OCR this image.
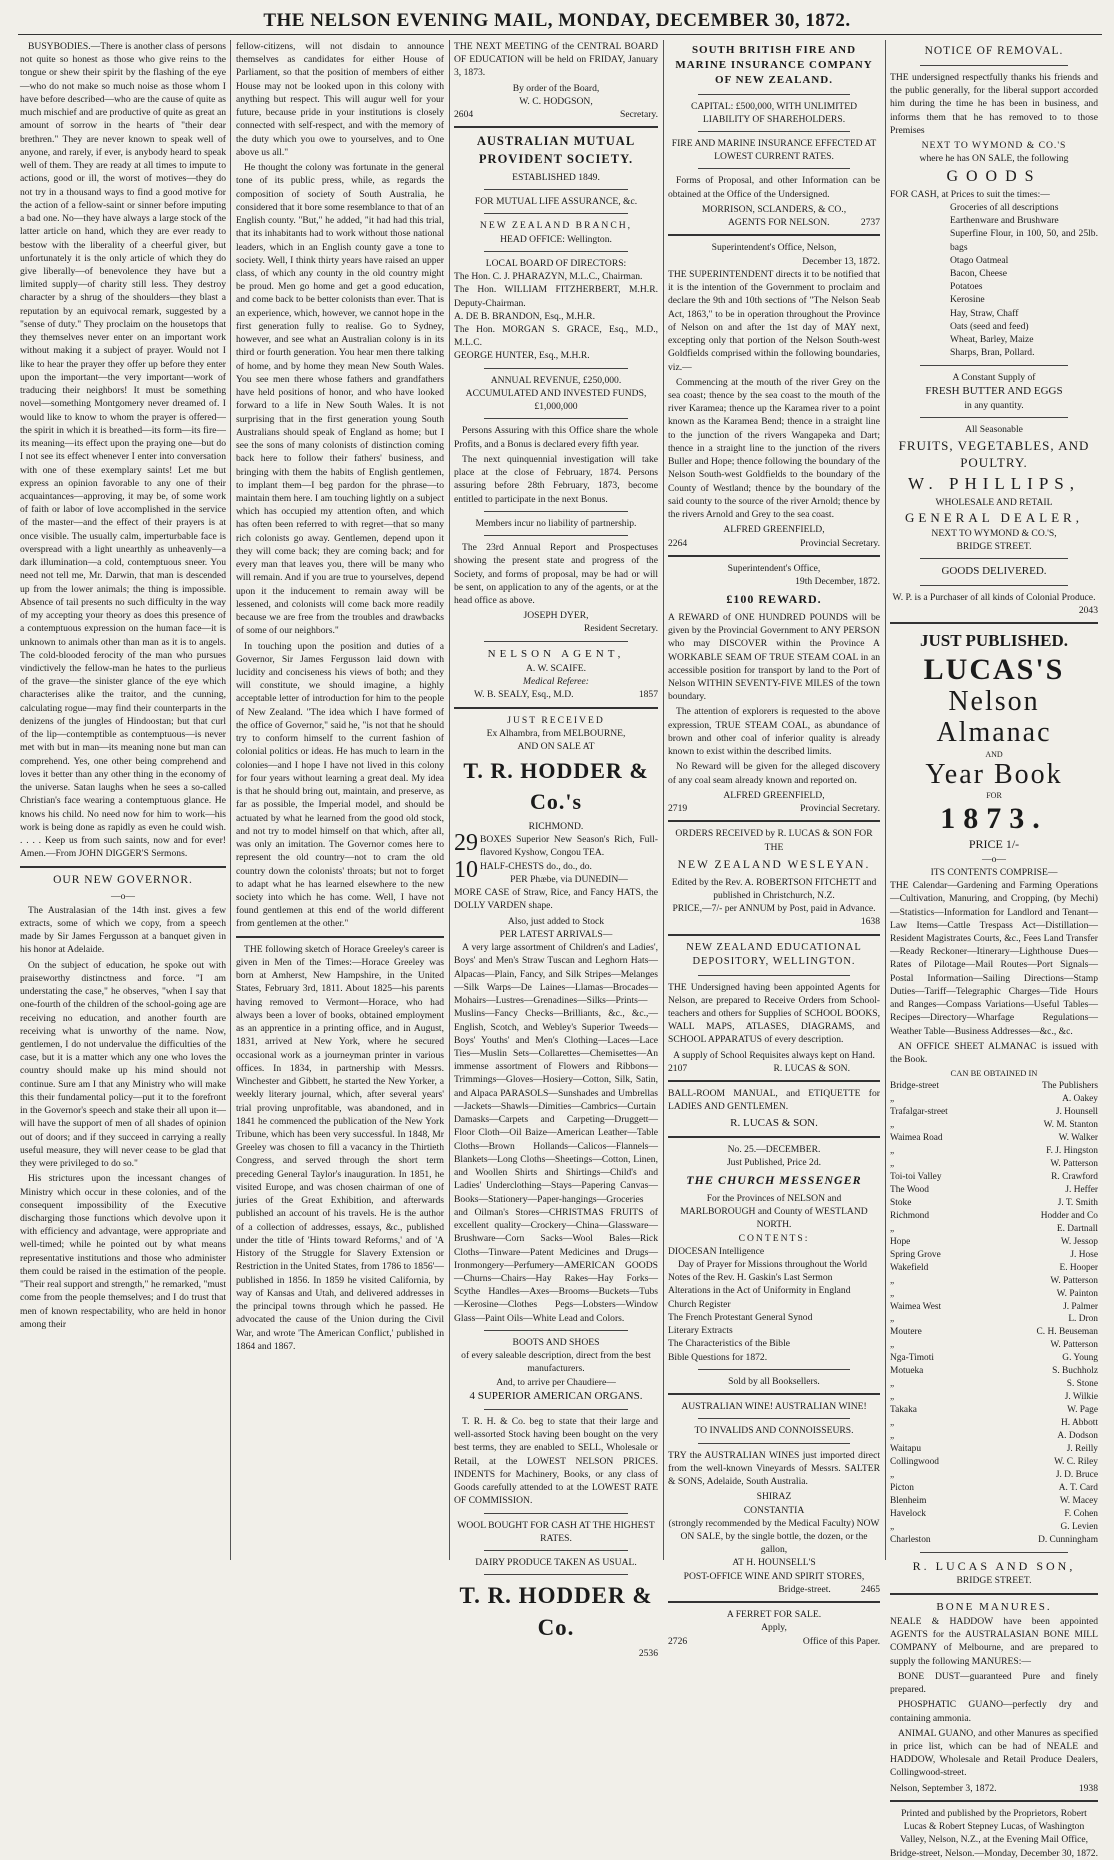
THE NELSON EVENING MAIL, MONDAY, DECEMBER 30, 1872.

BUSYBODIES.—There is another class of persons not quite so honest as those who give reins to the tongue or shew their spirit by the flashing of the eye—who do not make so much noise as those whom I have before described—who are the cause of quite as much mischief and are productive of quite as great an amount of sorrow in the hearts of "their dear brethren." They are never known to speak well of anyone, and rarely, if ever, is anybody heard to speak well of them. They are ready at all times to impute to actions, good or ill, the worst of motives—they do not try in a thousand ways to find a good motive for the action of a fellow-saint or sinner before imputing a bad one. No—they have always a large stock of the latter article on hand, which they are ever ready to bestow with the liberality of a cheerful giver, but unfortunately it is the only article of which they do give liberally—of benevolence they have but a limited supply—of charity still less. They destroy character by a shrug of the shoulders—they blast a reputation by an equivocal remark, suggested by a "sense of duty." They proclaim on the housetops that they themselves never enter on an important work without making it a subject of prayer. Would not I like to hear the prayer they offer up before they enter upon the important—the very important—work of traducing their neighbors! It must be something novel—something Montgomery never dreamed of. I would like to know to whom the prayer is offered—the spirit in which it is breathed—its form—its fire—its meaning—its effect upon the praying one—but do I not see its effect whenever I enter into conversation with one of these exemplary saints! Let me but express an opinion favorable to any one of their acquaintances—approving, it may be, of some work of faith or labor of love accomplished in the service of the master—and the effect of their prayers is at once visible. The usually calm, imperturbable face is overspread with a light unearthly as unheavenly—a dark illumination—a cold, contemptuous sneer. You need not tell me, Mr. Darwin, that man is descended up from the lower animals; the thing is impossible. Absence of tail presents no such difficulty in the way of my accepting your theory as does this presence of a contemptuous expression on the human face—it is unknown to animals other than man as it is to angels. The cold-blooded ferocity of the man who pursues vindictively the fellow-man he hates to the purlieus of the grave—the sinister glance of the eye which characterises alike the traitor, and the cunning, calculating rogue—may find their counterparts in the denizens of the jungles of Hindoostan; but that curl of the lip—contemptible as contemptuous—is never met with but in man—its meaning none but man can comprehend. Yes, one other being comprehend and loves it better than any other thing in the economy of the universe. Satan laughs when he sees a so-called Christian's face wearing a contemptuous glance. He knows his child. No need now for him to work—his work is being done as rapidly as even he could wish. . . . . Keep us from such saints, now and for ever! Amen.—From JOHN DIGGER'S Sermons.

OUR NEW GOVERNOR.
—o—

The Australasian of the 14th inst. gives a few extracts, some of which we copy, from a speech made by Sir James Fergusson at a banquet given in his honor at Adelaide.

On the subject of education, he spoke out with praiseworthy distinctness and force. "I am understating the case," he observes, "when I say that one-fourth of the children of the school-going age are receiving no education, and another fourth are receiving what is unworthy of the name. Now, gentlemen, I do not undervalue the difficulties of the case, but it is a matter which any one who loves the country should make up his mind should not continue. Sure am I that any Ministry who will make this their fundamental policy—put it to the forefront in the Governor's speech and stake their all upon it—will have the support of men of all shades of opinion out of doors; and if they succeed in carrying a really useful measure, they will never cease to be glad that they were privileged to do so."

His strictures upon the incessant changes of Ministry which occur in these colonies, and of the consequent impossibility of the Executive discharging those functions which devolve upon it with efficiency and advantage, were appropriate and well-timed; while he pointed out by what means representative institutions and those who administer them could be raised in the estimation of the people. "Their real support and strength," he remarked, "must come from the people themselves; and I do trust that men of known respectability, who are held in honor among their

fellow-citizens, will not disdain to announce themselves as candidates for either House of Parliament, so that the position of members of either House may not be looked upon in this colony with anything but respect. This will augur well for your future, because pride in your institutions is closely connected with self-respect, and with the memory of the duty which you owe to yourselves, and to One above us all."

He thought the colony was fortunate in the general tone of its public press, while, as regards the composition of society of South Australia, he considered that it bore some resemblance to that of an English county. "But," he added, "it had had this trial, that its inhabitants had to work without those national leaders, which in an English county gave a tone to society. Well, I think thirty years have raised an upper class, of which any county in the old country might be proud. Men go home and get a good education, and come back to be better colonists than ever. That is an experience, which, however, we cannot hope in the first generation fully to realise. Go to Sydney, however, and see what an Australian colony is in its third or fourth generation. You hear men there talking of home, and by home they mean New South Wales. You see men there whose fathers and grandfathers have held positions of honor, and who have looked forward to a life in New South Wales. It is not surprising that in the first generation young South Australians should speak of England as home; but I see the sons of many colonists of distinction coming back here to follow their fathers' business, and bringing with them the habits of English gentlemen, to implant them—I beg pardon for the phrase—to maintain them here. I am touching lightly on a subject which has occupied my attention often, and which has often been referred to with regret—that so many rich colonists go away. Gentlemen, depend upon it they will come back; they are coming back; and for every man that leaves you, there will be many who will remain. And if you are true to yourselves, depend upon it the inducement to remain away will be lessened, and colonists will come back more readily because we are free from the troubles and drawbacks of some of our neighbors."

In touching upon the position and duties of a Governor, Sir James Fergusson laid down with lucidity and conciseness his views of both; and they will constitute, we should imagine, a highly acceptable letter of introduction for him to the people of New Zealand. "The idea which I have formed of the office of Governor," said he, "is not that he should try to conform himself to the current fashion of colonial politics or ideas. He has much to learn in the colonies—and I hope I have not lived in this colony for four years without learning a great deal. My idea is that he should bring out, maintain, and preserve, as far as possible, the Imperial model, and should be actuated by what he learned from the good old stock, and not try to model himself on that which, after all, was only an imitation. The Governor comes here to represent the old country—not to cram the old country down the colonists' throats; but not to forget to adapt what he has learned elsewhere to the new society into which he has come. Well, I have not found gentlemen at this end of the world different from gentlemen at the other."

THE following sketch of Horace Greeley's career is given in Men of the Times:—Horace Greeley was born at Amherst, New Hampshire, in the United States, February 3rd, 1811. About 1825—his parents having removed to Vermont—Horace, who had always been a lover of books, obtained employment as an apprentice in a printing office, and in August, 1831, arrived at New York, where he secured occasional work as a journeyman printer in various offices. In 1834, in partnership with Messrs. Winchester and Gibbett, he started the New Yorker, a weekly literary journal, which, after several years' trial proving unprofitable, was abandoned, and in 1841 he commenced the publication of the New York Tribune, which has been very successful. In 1848, Mr Greeley was chosen to fill a vacancy in the Thirtieth Congress, and served through the short term preceding General Taylor's inauguration. In 1851, he visited Europe, and was chosen chairman of one of juries of the Great Exhibition, and afterwards published an account of his travels. He is the author of a collection of addresses, essays, &c., published under the title of 'Hints toward Reforms,' and of 'A History of the Struggle for Slavery Extension or Restriction in the United States, from 1786 to 1856'—published in 1856. In 1859 he visited California, by way of Kansas and Utah, and delivered addresses in the principal towns through which he passed. He advocated the cause of the Union during the Civil War, and wrote 'The American Conflict,' published in 1864 and 1867.

THE NEXT MEETING of the CENTRAL BOARD OF EDUCATION will be held on FRIDAY, January 3, 1873.

By order of the Board,
W. C. HODGSON,
2604	Secretary.
AUSTRALIAN MUTUAL PROVIDENT SOCIETY.
ESTABLISHED 1849.
FOR MUTUAL LIFE ASSURANCE, &c.
NEW ZEALAND BRANCH,
HEAD OFFICE: Wellington.
LOCAL BOARD OF DIRECTORS:
The Hon. C. J. PHARAZYN, M.L.C., Chairman.
The Hon. WILLIAM FITZHERBERT, M.H.R. Deputy-Chairman.
A. DE B. BRANDON, Esq., M.H.R.
The Hon. MORGAN S. GRACE, Esq., M.D., M.L.C.
GEORGE HUNTER, Esq., M.H.R.
ANNUAL REVENUE, £250,000.
ACCUMULATED AND INVESTED FUNDS, £1,000,000

Persons Assuring with this Office share the whole Profits, and a Bonus is declared every fifth year.

The next quinquennial investigation will take place at the close of February, 1874. Persons assuring before 28th February, 1873, become entitled to participate in the next Bonus.

Members incur no liability of partnership.

The 23rd Annual Report and Prospectuses showing the present state and progress of the Society, and forms of proposal, may be had or will be sent, on application to any of the agents, or at the head office as above.

JOSEPH DYER,
Resident Secretary.
NELSON AGENT,
A. W. SCAIFE.
Medical Referee:
W. B. SEALY, Esq., M.D.	1857
JUST RECEIVED
Ex Alhambra, from MELBOURNE,
AND ON SALE AT
T. R. HODDER & Co.'s
RICHMOND.
29 BOXES Superior New Season's Rich, Full-flavored Kyshow, Congou TEA.
10 HALF-CHESTS do., do., do.
PER Phæbe, via DUNEDIN—

MORE CASE of Straw, Rice, and Fancy HATS, the DOLLY VARDEN shape.

Also, just added to Stock
PER LATEST ARRIVALS—

A very large assortment of Children's and Ladies', Boys' and Men's Straw Tuscan and Leghorn Hats—Alpacas—Plain, Fancy, and Silk Stripes—Melanges—Silk Warps—De Laines—Llamas—Brocades—Mohairs—Lustres—Grenadines—Silks—Prints—Muslins—Fancy Checks—Brilliants, &c., &c.,—English, Scotch, and Webley's Superior Tweeds—Boys' Youths' and Men's Clothing—Laces—Lace Ties—Muslin Sets—Collarettes—Chemisettes—An immense assortment of Flowers and Ribbons—Trimmings—Gloves—Hosiery—Cotton, Silk, Satin, and Alpaca PARASOLS—Sunshades and Umbrellas—Jackets—Shawls—Dimities—Cambrics—Curtain Damasks—Carpets and Carpeting—Druggett—Floor Cloth—Oil Baize—American Leather—Table Cloths—Brown Hollands—Calicos—Flannels—Blankets—Long Cloths—Sheetings—Cotton, Linen, and Woollen Shirts and Shirtings—Child's and Ladies' Underclothing—Stays—Papering Canvas—Books—Stationery—Paper-hangings—Groceries and Oilman's Stores—CHRISTMAS FRUITS of excellent quality—Crockery—China—Glassware—Brushware—Corn Sacks—Wool Bales—Rick Cloths—Tinware—Patent Medicines and Drugs—Ironmongery—Perfumery—AMERICAN GOODS—Churns—Chairs—Hay Rakes—Hay Forks—Scythe Handles—Axes—Brooms—Buckets—Tubs—Kerosine—Clothes Pegs—Lobsters—Window Glass—Paint Oils—White Lead and Colors.

BOOTS AND SHOES
of every saleable description, direct from the best manufacturers.
And, to arrive per Chaudiere—
4 SUPERIOR AMERICAN ORGANS.

T. R. H. & Co. beg to state that their large and well-assorted Stock having been bought on the very best terms, they are enabled to SELL, Wholesale or Retail, at the LOWEST NELSON PRICES. INDENTS for Machinery, Books, or any class of Goods carefully attended to at the LOWEST RATE OF COMMISSION.

WOOL BOUGHT FOR CASH AT THE HIGHEST RATES.
DAIRY PRODUCE TAKEN AS USUAL.
T. R. HODDER & Co.
2536
SOUTH BRITISH FIRE AND MARINE INSURANCE COMPANY OF NEW ZEALAND.
CAPITAL: £500,000, WITH UNLIMITED LIABILITY OF SHAREHOLDERS.
FIRE AND MARINE INSURANCE EFFECTED AT LOWEST CURRENT RATES.

Forms of Proposal, and other Information can be obtained at the Office of the Undersigned.

MORRISON, SCLANDERS, & CO.,
AGENTS FOR NELSON.	2737
Superintendent's Office, Nelson,
December 13, 1872.

THE SUPERINTENDENT directs it to be notified that it is the intention of the Government to proclaim and declare the 9th and 10th sections of "The Nelson Seab Act, 1863," to be in operation throughout the Province of Nelson on and after the 1st day of MAY next, excepting only that portion of the Nelson South-west Goldfields comprised within the following boundaries, viz.—

Commencing at the mouth of the river Grey on the sea coast; thence by the sea coast to the mouth of the river Karamea; thence up the Karamea river to a point known as the Karamea Bend; thence in a straight line to the junction of the rivers Wangapeka and Dart; thence in a straight line to the junction of the rivers Buller and Hope; thence following the boundary of the Nelson South-west Goldfields to the boundary of the County of Westland; thence by the boundary of the said county to the source of the river Arnold; thence by the rivers Arnold and Grey to the sea coast.

ALFRED GREENFIELD,
2264	Provincial Secretary.
Superintendent's Office,
19th December, 1872.
£100 REWARD.

A REWARD of ONE HUNDRED POUNDS will be given by the Provincial Government to ANY PERSON who may DISCOVER within the Province A WORKABLE SEAM OF TRUE STEAM COAL in an accessible position for transport by land to the Port of Nelson WITHIN SEVENTY-FIVE MILES of the town boundary.

The attention of explorers is requested to the above expression, TRUE STEAM COAL, as abundance of brown and other coal of inferior quality is already known to exist within the described limits.

No Reward will be given for the alleged discovery of any coal seam already known and reported on.

ALFRED GREENFIELD,
2719	Provincial Secretary.
ORDERS RECEIVED by R. LUCAS & SON FOR THE
NEW ZEALAND WESLEYAN.
Edited by the Rev. A. ROBERTSON FITCHETT and published in Christchurch, N.Z.
PRICE,—7/- per ANNUM by Post, paid in Advance.
1638
NEW ZEALAND EDUCATIONAL DEPOSITORY, WELLINGTON.

THE Undersigned having been appointed Agents for Nelson, are prepared to Receive Orders from School-teachers and others for Supplies of SCHOOL BOOKS, WALL MAPS, ATLASES, DIAGRAMS, and SCHOOL APPARATUS of every description.

A supply of School Requisites always kept on Hand.
2107	R. LUCAS & SON.

BALL-ROOM MANUAL, and ETIQUETTE for LADIES AND GENTLEMEN.

R. LUCAS & SON.
No. 25.—DECEMBER.
Just Published, Price 2d.
THE CHURCH MESSENGER
For the Provinces of NELSON and MARLBOROUGH and County of WESTLAND NORTH.
CONTENTS:
DIOCESAN Intelligence
Day of Prayer for Missions throughout the World
Notes of the Rev. H. Gaskin's Last Sermon
Alterations in the Act of Uniformity in England
Church Register
The French Protestant General Synod
Literary Extracts
The Characteristics of the Bible
Bible Questions for 1872.
Sold by all Booksellers.
AUSTRALIAN WINE! AUSTRALIAN WINE!
TO INVALIDS AND CONNOISSEURS.

TRY the AUSTRALIAN WINES just imported direct from the well-known Vineyards of Messrs. SALTER & SONS, Adelaide, South Australia.

SHIRAZ
CONSTANTIA
(strongly recommended by the Medical Faculty) NOW ON SALE, by the single bottle, the dozen, or the gallon,
AT H. HOUNSELL'S
POST-OFFICE WINE AND SPIRIT STORES,
Bridge-street.	2465
A FERRET FOR SALE.
Apply,
2726	Office of this Paper.
NOTICE OF REMOVAL.

THE undersigned respectfully thanks his friends and the public generally, for the liberal support accorded him during the time he has been in business, and informs them that he has removed to to those Premises

NEXT TO WYMOND & CO.'S
where he has ON SALE, the following
GOODS
FOR CASH, at Prices to suit the times:—
Groceries of all descriptions
Earthenware and Brushware
Superfine Flour, in 100, 50, and 25lb. bags
Otago Oatmeal
Bacon, Cheese
Potatoes
Kerosine
Hay, Straw, Chaff
Oats (seed and feed)
Wheat, Barley, Maize
Sharps, Bran, Pollard.
A Constant Supply of
FRESH BUTTER AND EGGS
in any quantity.
All Seasonable
FRUITS, VEGETABLES, AND POULTRY.
W. PHILLIPS,
WHOLESALE AND RETAIL
GENERAL DEALER,
NEXT TO WYMOND & CO.'S,
BRIDGE STREET.
GOODS DELIVERED.
W. P. is a Purchaser of all kinds of Colonial Produce.
2043
JUST PUBLISHED.
LUCAS'S
Nelson Almanac
AND
Year Book
FOR
1873.
PRICE 1/-
—o—
ITS CONTENTS COMPRISE—

THE Calendar—Gardening and Farming Operations—Cultivation, Manuring, and Cropping, (by Mechi)—Statistics—Information for Landlord and Tenant—Law Items—Cattle Trespass Act—Distillation—Resident Magistrates Courts, &c., Fees Land Transfer—Ready Reckoner—Itinerary—Lighthouse Dues—Rates of Pilotage—Mail Routes—Port Signals—Postal Information—Sailing Directions—Stamp Duties—Tariff—Telegraphic Charges—Tide Hours and Ranges—Compass Variations—Useful Tables—Recipes—Directory—Wharfage Regulations—Weather Table—Business Addresses—&c., &c.

AN OFFICE SHEET ALMANAC is issued with the Book.

CAN BE OBTAINED IN
Bridge-street	The Publishers
„	A. Oakey
Trafalgar-street	J. Hounsell
„	W. M. Stanton
Waimea Road	W. Walker
„	F. J. Hingston
„	W. Patterson
Toi-toi Valley	R. Crawford
The Wood	J. Heffer
Stoke	J. T. Smith
Richmond	Hodder and Co
„	E. Dartnall
Hope	W. Jessop
Spring Grove	J. Hose
Wakefield	E. Hooper
„	W. Patterson
„	W. Painton
Waimea West	J. Palmer
„	L. Dron
Moutere	C. H. Beuseman
„	W. Patterson
Nga-Timoti	G. Young
Motueka	S. Buchholz
„	S. Stone
„	J. Wilkie
Takaka	W. Page
„	H. Abbott
„	A. Dodson
Waitapu	J. Reilly
Collingwood	W. C. Riley
„	J. D. Bruce
Picton	A. T. Card
Blenheim	W. Macey
Havelock	F. Cohen
„	G. Levien
Charleston	D. Cunningham
R. LUCAS AND SON,
BRIDGE STREET.
BONE MANURES.

NEALE & HADDOW have been appointed AGENTS for the AUSTRALASIAN BONE MILL COMPANY of Melbourne, and are prepared to supply the following MANURES:—

BONE DUST—guaranteed Pure and finely prepared.

PHOSPHATIC GUANO—perfectly dry and containing ammonia.

ANIMAL GUANO, and other Manures as specified in price list, which can be had of NEALE and HADDOW, Wholesale and Retail Produce Dealers, Collingwood-street.

Nelson, September 3, 1872.	1938
Printed and published by the Proprietors, Robert Lucas & Robert Stepney Lucas, of Washington Valley, Nelson, N.Z., at the Evening Mail Office, Bridge-street, Nelson.—Monday, December 30, 1872.
